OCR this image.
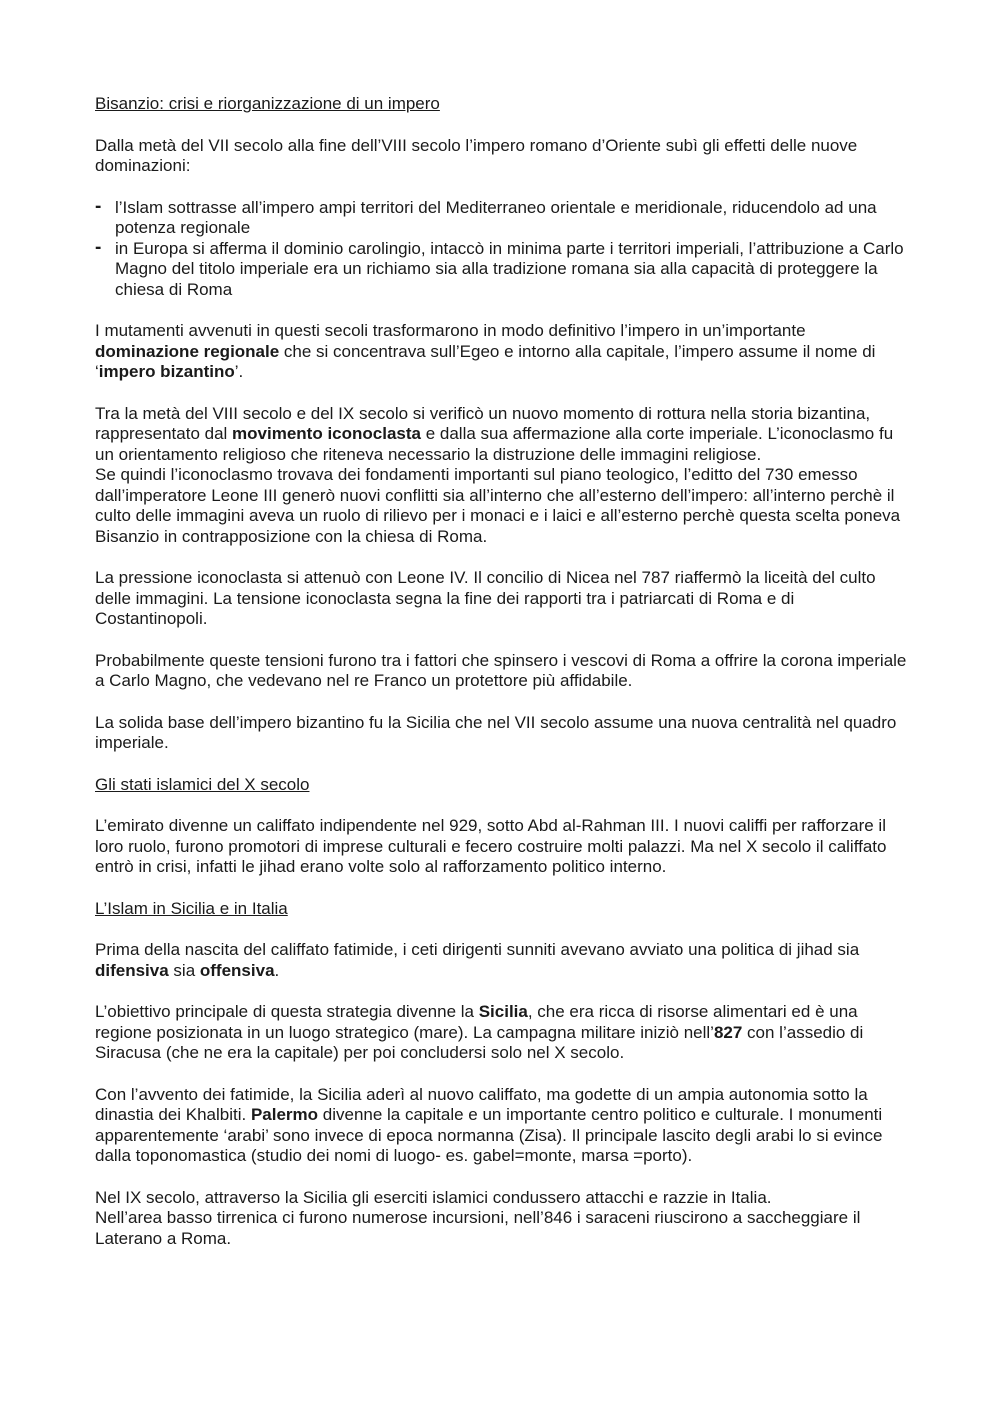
Bisanzio: crisi e riorganizzazione di un impero
Dalla metà del VII secolo alla fine dell’VIII secolo l’impero romano d’Oriente subì gli effetti delle nuove dominazioni:
- l’Islam sottrasse all’impero ampi territori del Mediterraneo orientale e meridionale, riducendolo ad una potenza regionale
- in Europa si afferma il dominio carolingio, intaccò in minima parte i territori imperiali, l’attribuzione a Carlo Magno del titolo imperiale era un richiamo sia alla tradizione romana sia alla capacità di proteggere la chiesa di Roma
I mutamenti avvenuti in questi secoli trasformarono in modo definitivo l’impero in un’importante dominazione regionale che si concentrava sull’Egeo e intorno alla capitale, l’impero assume il nome di ‘impero bizantino’.
Tra la metà del VIII secolo e del IX secolo si verificò un nuovo momento di rottura nella storia bizantina, rappresentato dal movimento iconoclasta e dalla sua affermazione alla corte imperiale. L’iconoclasmo fu un orientamento religioso che riteneva necessario la distruzione delle immagini religiose.
Se quindi l’iconoclasmo trovava dei fondamenti importanti sul piano teologico, l’editto del 730 emesso dall’imperatore Leone III generò nuovi conflitti sia all’interno che all’esterno dell’impero: all’interno perchè il culto delle immagini aveva un ruolo di rilievo per i monaci e i laici e all’esterno perchè questa scelta poneva Bisanzio in contrapposizione con la chiesa di Roma.
La pressione iconoclasta si attenuò con Leone IV. Il concilio di Nicea nel 787 riaffermò la liceità del culto delle immagini. La tensione iconoclasta segna la fine dei rapporti tra i patriarcati di Roma e di Costantinopoli.
Probabilmente queste tensioni furono tra i fattori che spinsero i vescovi di Roma a offrire la corona imperiale a Carlo Magno, che vedevano nel re Franco un protettore più affidabile.
La solida base dell’impero bizantino fu la Sicilia che nel VII secolo assume una nuova centralità nel quadro imperiale.
Gli stati islamici del X secolo
L’emirato divenne un califfato indipendente nel 929, sotto Abd al-Rahman III. I nuovi califfi per rafforzare il loro ruolo, furono promotori di imprese culturali e fecero costruire molti palazzi. Ma nel X secolo il califfato entrò in crisi, infatti le jihad erano volte solo al rafforzamento politico interno.
L’Islam in Sicilia e in Italia
Prima della nascita del califfato fatimide, i ceti dirigenti sunniti avevano avviato una politica di jihad sia difensiva sia offensiva.
L’obiettivo principale di questa strategia divenne la Sicilia, che era ricca di risorse alimentari ed è una regione posizionata in un luogo strategico (mare). La campagna militare iniziò nell’827 con l’assedio di Siracusa (che ne era la capitale) per poi concludersi solo nel X secolo.
Con l’avvento dei fatimide, la Sicilia aderì al nuovo califfato, ma godette di un ampia autonomia sotto la dinastia dei Khalbiti. Palermo divenne la capitale e un importante centro politico e culturale. I monumenti apparentemente ‘arabi’ sono invece di epoca normanna (Zisa). Il principale lascito degli arabi lo si evince dalla toponomastica (studio dei nomi di luogo- es. gabel=monte, marsa =porto).
Nel IX secolo, attraverso la Sicilia gli eserciti islamici condussero attacchi e razzie in Italia.
Nell’area basso tirrenica ci furono numerose incursioni, nell’846 i saraceni riuscirono a saccheggiare il Laterano a Roma.
